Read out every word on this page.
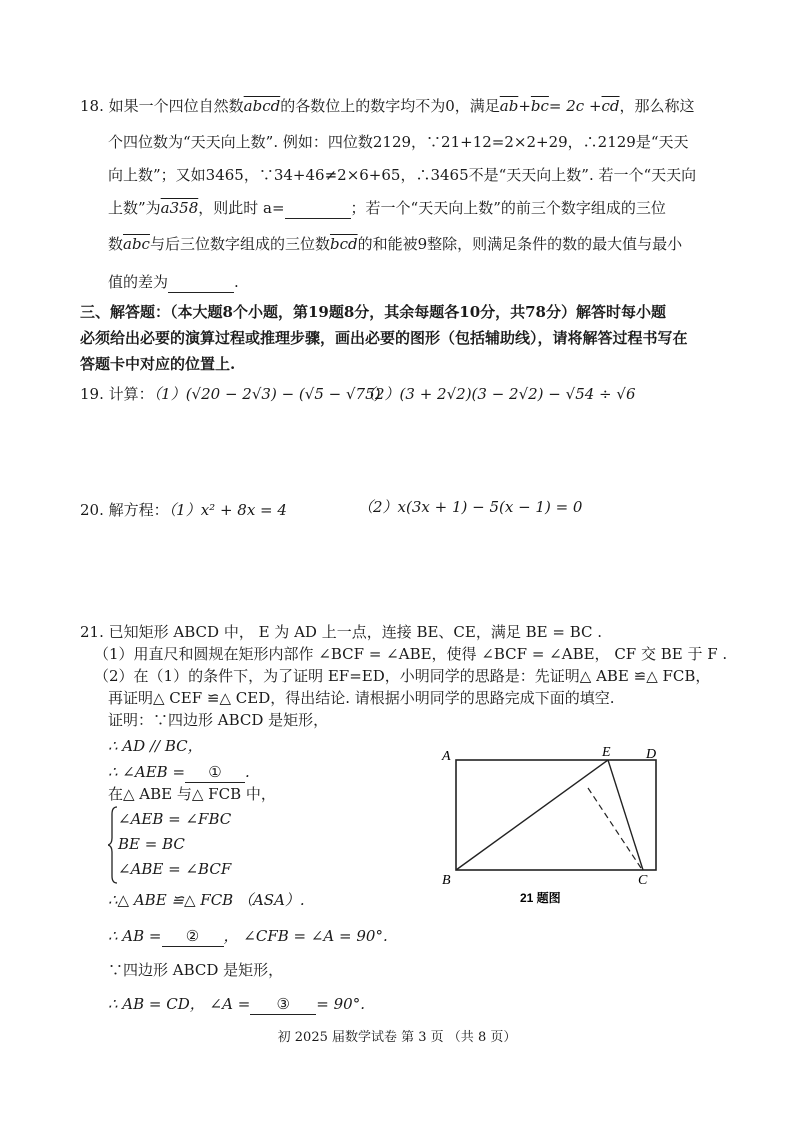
18. 如果一个四位自然数abcd的各数位上的数字均不为0，满足$\overline{ab}+\overline{bc}= 2c +\overline{cd}$，那么称这
个四位数为“天天向上数”. 例如：四位数2129，∵21+12=2×2+29，∴2129是“天天
向上数”；又如3465，∵34+46≠2×6+65，∴3465不是“天天向上数”. 若一个“天天向
上数”为a358，则此时 a=	；若一个“天天向上数”的前三个数字组成的三位
数$\overline{abc}$与后三位数字组成的三位数$\overline{bcd}$的和能被9整除，则满足条件的数的最大值与最小
值的差为	.
三、解答题：（本大题8个小题，第19题8分，其余每题各10分，共78分）解答时每小题
必须给出必要的演算过程或推理步骤，画出必要的图形（包括辅助线），请将解答过程书写在
答题卡中对应的位置上.
19. 计算：（1）(√20 − 2√3) − (√5 − √75)
（2）(3 + 2√2)(3 − 2√2) − √54 ÷ √6
20. 解方程：（1）x² + 8x = 4	（2）x(3x + 1) − 5(x − 1) = 0
21. 已知矩形 ABCD 中， E 为 AD 上一点，连接 BE、CE，满足 BE = BC .
（1）用直尺和圆规在矩形内部作 ∠BCF = ∠ABE，使得 ∠BCF = ∠ABE， CF 交 BE 于 F .
（2）在（1）的条件下，为了证明 EF=ED，小明同学的思路是：先证明△ ABE ≌△ FCB，
再证明△ CEF ≌△ CED，得出结论. 请根据小明同学的思路完成下面的填空.
证明：∵四边形 ABCD 是矩形，
∴ AD // BC，
∴ ∠AEB = ① .
在△ ABE 与△ FCB 中，
∠AEB = ∠FBC
BE = BC
∠ABE = ∠BCF
∴△ ABE ≌△ FCB （ASA）.
∴ AB = ② ， ∠CFB = ∠A = 90°.
∵四边形 ABCD 是矩形，
∴ AB = CD， ∠A = ③ = 90°.
A	E	D
B	C
21 题图
初 2025 届数学试卷 第 3 页 （共 8 页）
